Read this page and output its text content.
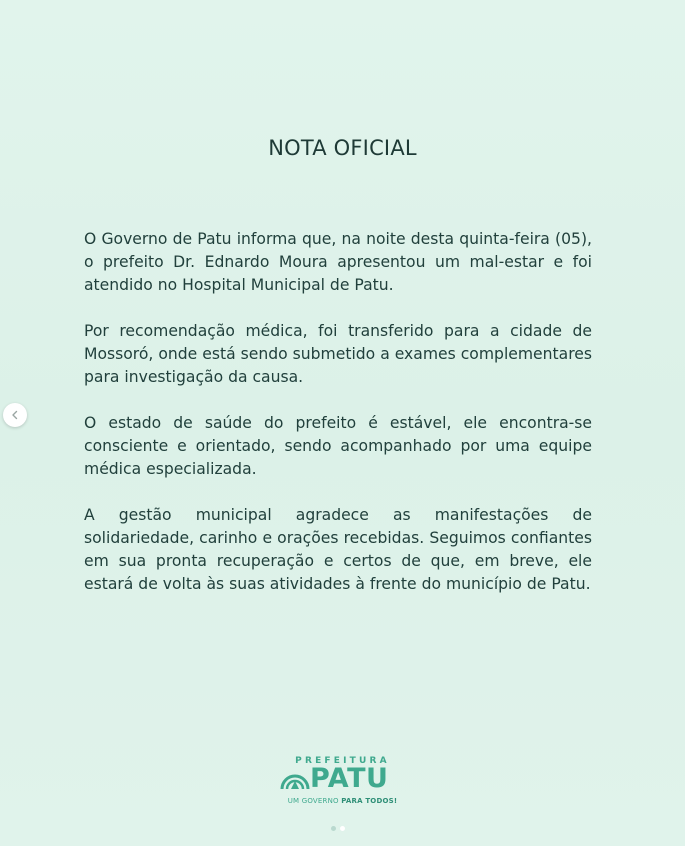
NOTA OFICIAL

O Governo de Patu informa que, na noite desta quinta-feira (05), o prefeito Dr. Ednardo Moura apresentou um mal-estar e foi atendido no Hospital Municipal de Patu.

Por recomendação médica, foi transferido para a cidade de Mossoró, onde está sendo submetido a exames complementares para investigação da causa.

O estado de saúde do prefeito é estável, ele encontra-se consciente e orientado, sendo acompanhado por uma equipe médica especializada.

A gestão municipal agradece as manifestações de solidariedade, carinho e orações recebidas. Seguimos confiantes em sua pronta recuperação e certos de que, em breve, ele estará de volta às suas atividades à frente do município de Patu.

PREFEITURA
PATU
UM GOVERNO PARA TODOS!
